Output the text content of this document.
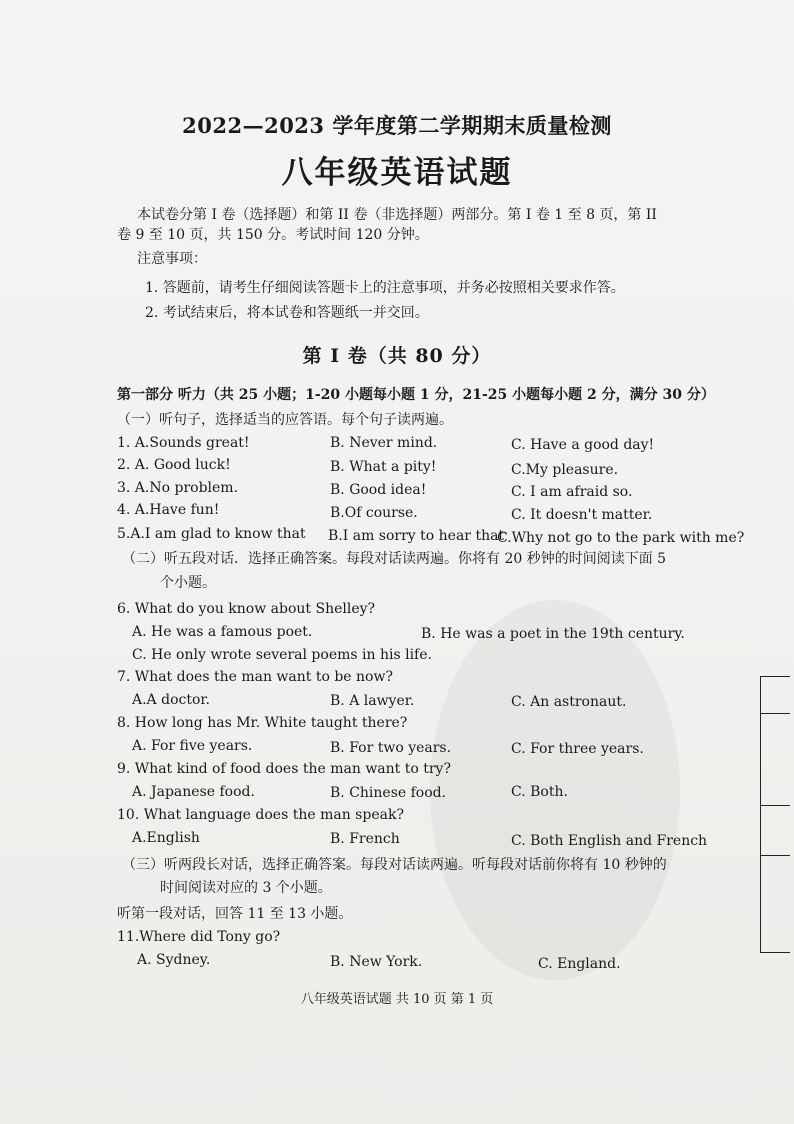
2022—2023 学年度第二学期期末质量检测
八年级英语试题
本试卷分第 I 卷（选择题）和第 II 卷（非选择题）两部分。第 I 卷 1 至 8 页，第 II
卷 9 至 10 页，共 150 分。考试时间 120 分钟。
注意事项：
1. 答题前，请考生仔细阅读答题卡上的注意事项，并务必按照相关要求作答。
2. 考试结束后，将本试卷和答题纸一并交回。
第 I 卷（共 80 分）
第一部分 听力（共 25 小题；1-20 小题每小题 1 分，21-25 小题每小题 2 分，满分 30 分）
（一）听句子，选择适当的应答语。每个句子读两遍。
1. A.Sounds great!	B. Never mind.	C. Have a good day!
2. A. Good luck!	B. What a pity!	C.My pleasure.
3. A.No problem.	B. Good idea!	C. I am afraid so.
4. A.Have fun!	B.Of course.	C. It doesn't matter.
5.A.I am glad to know that B.I am sorry to hear that
C.Why not go to the park with me?
（二）听五段对话．选择正确答案。每段对话读两遍。你将有 20 秒钟的时间阅读下面 5
个小题。
6. What do you know about Shelley?
A. He was a famous poet.	B. He was a poet in the 19th century.
C. He only wrote several poems in his life.
7. What does the man want to be now?
A.A doctor.	B. A lawyer.	C. An astronaut.
8. How long has Mr. White taught there?
A. For five years.	B. For two years.	C. For three years.
9. What kind of food does the man want to try?
A. Japanese food.	B. Chinese food.	C. Both.
10. What language does the man speak?
A.English	B. French	C. Both English and French
（三）听两段长对话，选择正确答案。每段对话读两遍。听每段对话前你将有 10 秒钟的
时间阅读对应的 3 个小题。
听第一段对话，回答 11 至 13 小题。
11.Where did Tony go?
A. Sydney.	B. New York.	C. England.
八年级英语试题 共 10 页 第 1 页
